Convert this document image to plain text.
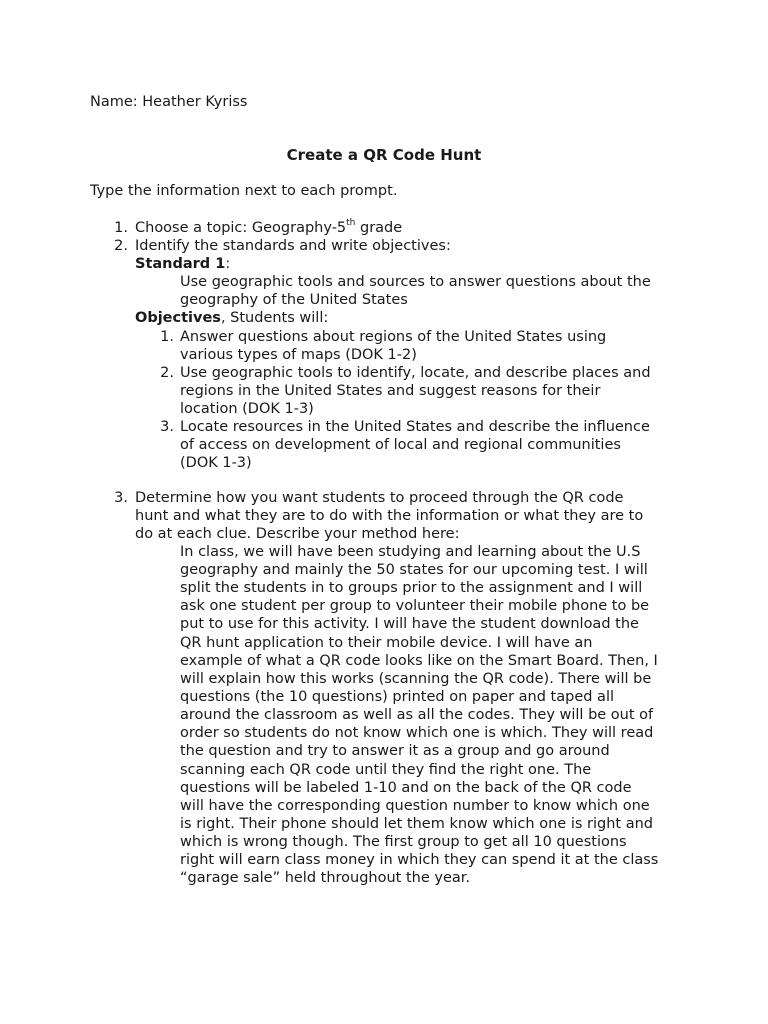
Name: Heather Kyriss
Create a QR Code Hunt
Type the information next to each prompt.
1. Choose a topic: Geography-5th grade
2. Identify the standards and write objectives:
Standard 1:
Use geographic tools and sources to answer questions about the
geography of the United States
Objectives, Students will:
1. Answer questions about regions of the United States using
various types of maps (DOK 1-2)
2. Use geographic tools to identify, locate, and describe places and
regions in the United States and suggest reasons for their
location (DOK 1-3)
3. Locate resources in the United States and describe the influence
of access on development of local and regional communities
(DOK 1-3)
3. Determine how you want students to proceed through the QR code
hunt and what they are to do with the information or what they are to
do at each clue. Describe your method here:
In class, we will have been studying and learning about the U.S
geography and mainly the 50 states for our upcoming test. I will
split the students in to groups prior to the assignment and I will
ask one student per group to volunteer their mobile phone to be
put to use for this activity. I will have the student download the
QR hunt application to their mobile device. I will have an
example of what a QR code looks like on the Smart Board. Then, I
will explain how this works (scanning the QR code). There will be
questions (the 10 questions) printed on paper and taped all
around the classroom as well as all the codes. They will be out of
order so students do not know which one is which. They will read
the question and try to answer it as a group and go around
scanning each QR code until they find the right one. The
questions will be labeled 1-10 and on the back of the QR code
will have the corresponding question number to know which one
is right. Their phone should let them know which one is right and
which is wrong though. The first group to get all 10 questions
right will earn class money in which they can spend it at the class
“garage sale” held throughout the year.
